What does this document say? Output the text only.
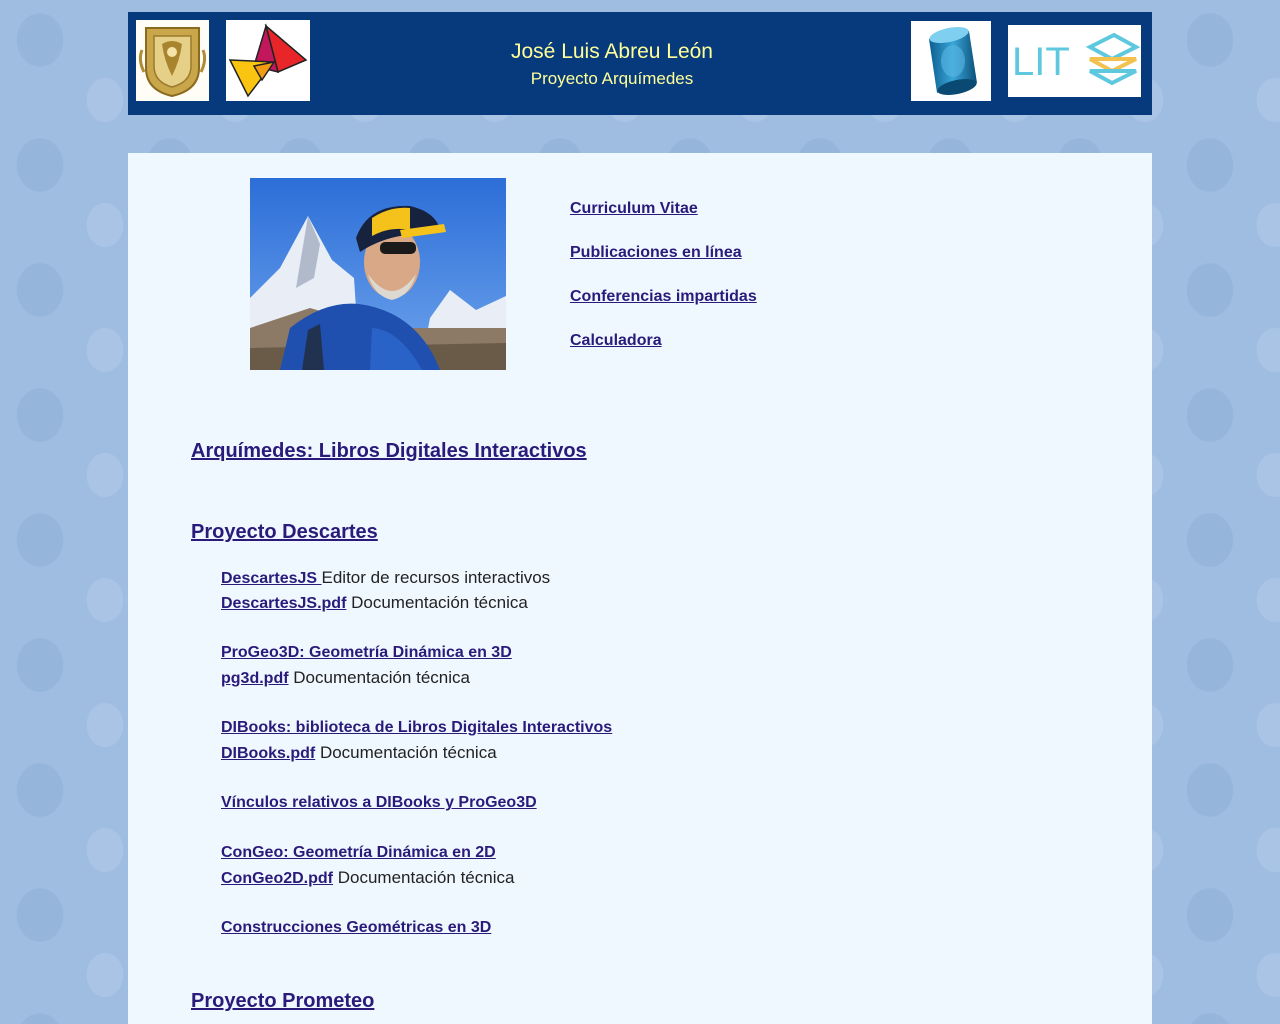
José Luis Abreu León
Proyecto Arquímedes	LIT
Curriculum Vitae
Publicaciones en línea
Conferencias impartidas
Calculadora
Arquímedes: Libros Digitales Interactivos
Proyecto Descartes
DescartesJS Editor de recursos interactivos
DescartesJS.pdf Documentación técnica
ProGeo3D: Geometría Dinámica en 3D
pg3d.pdf Documentación técnica
DIBooks: biblioteca de Libros Digitales Interactivos
DIBooks.pdf Documentación técnica
Vínculos relativos a DIBooks y ProGeo3D
ConGeo: Geometría Dinámica en 2D
ConGeo2D.pdf Documentación técnica
Construcciones Geométricas en 3D
Proyecto Prometeo
